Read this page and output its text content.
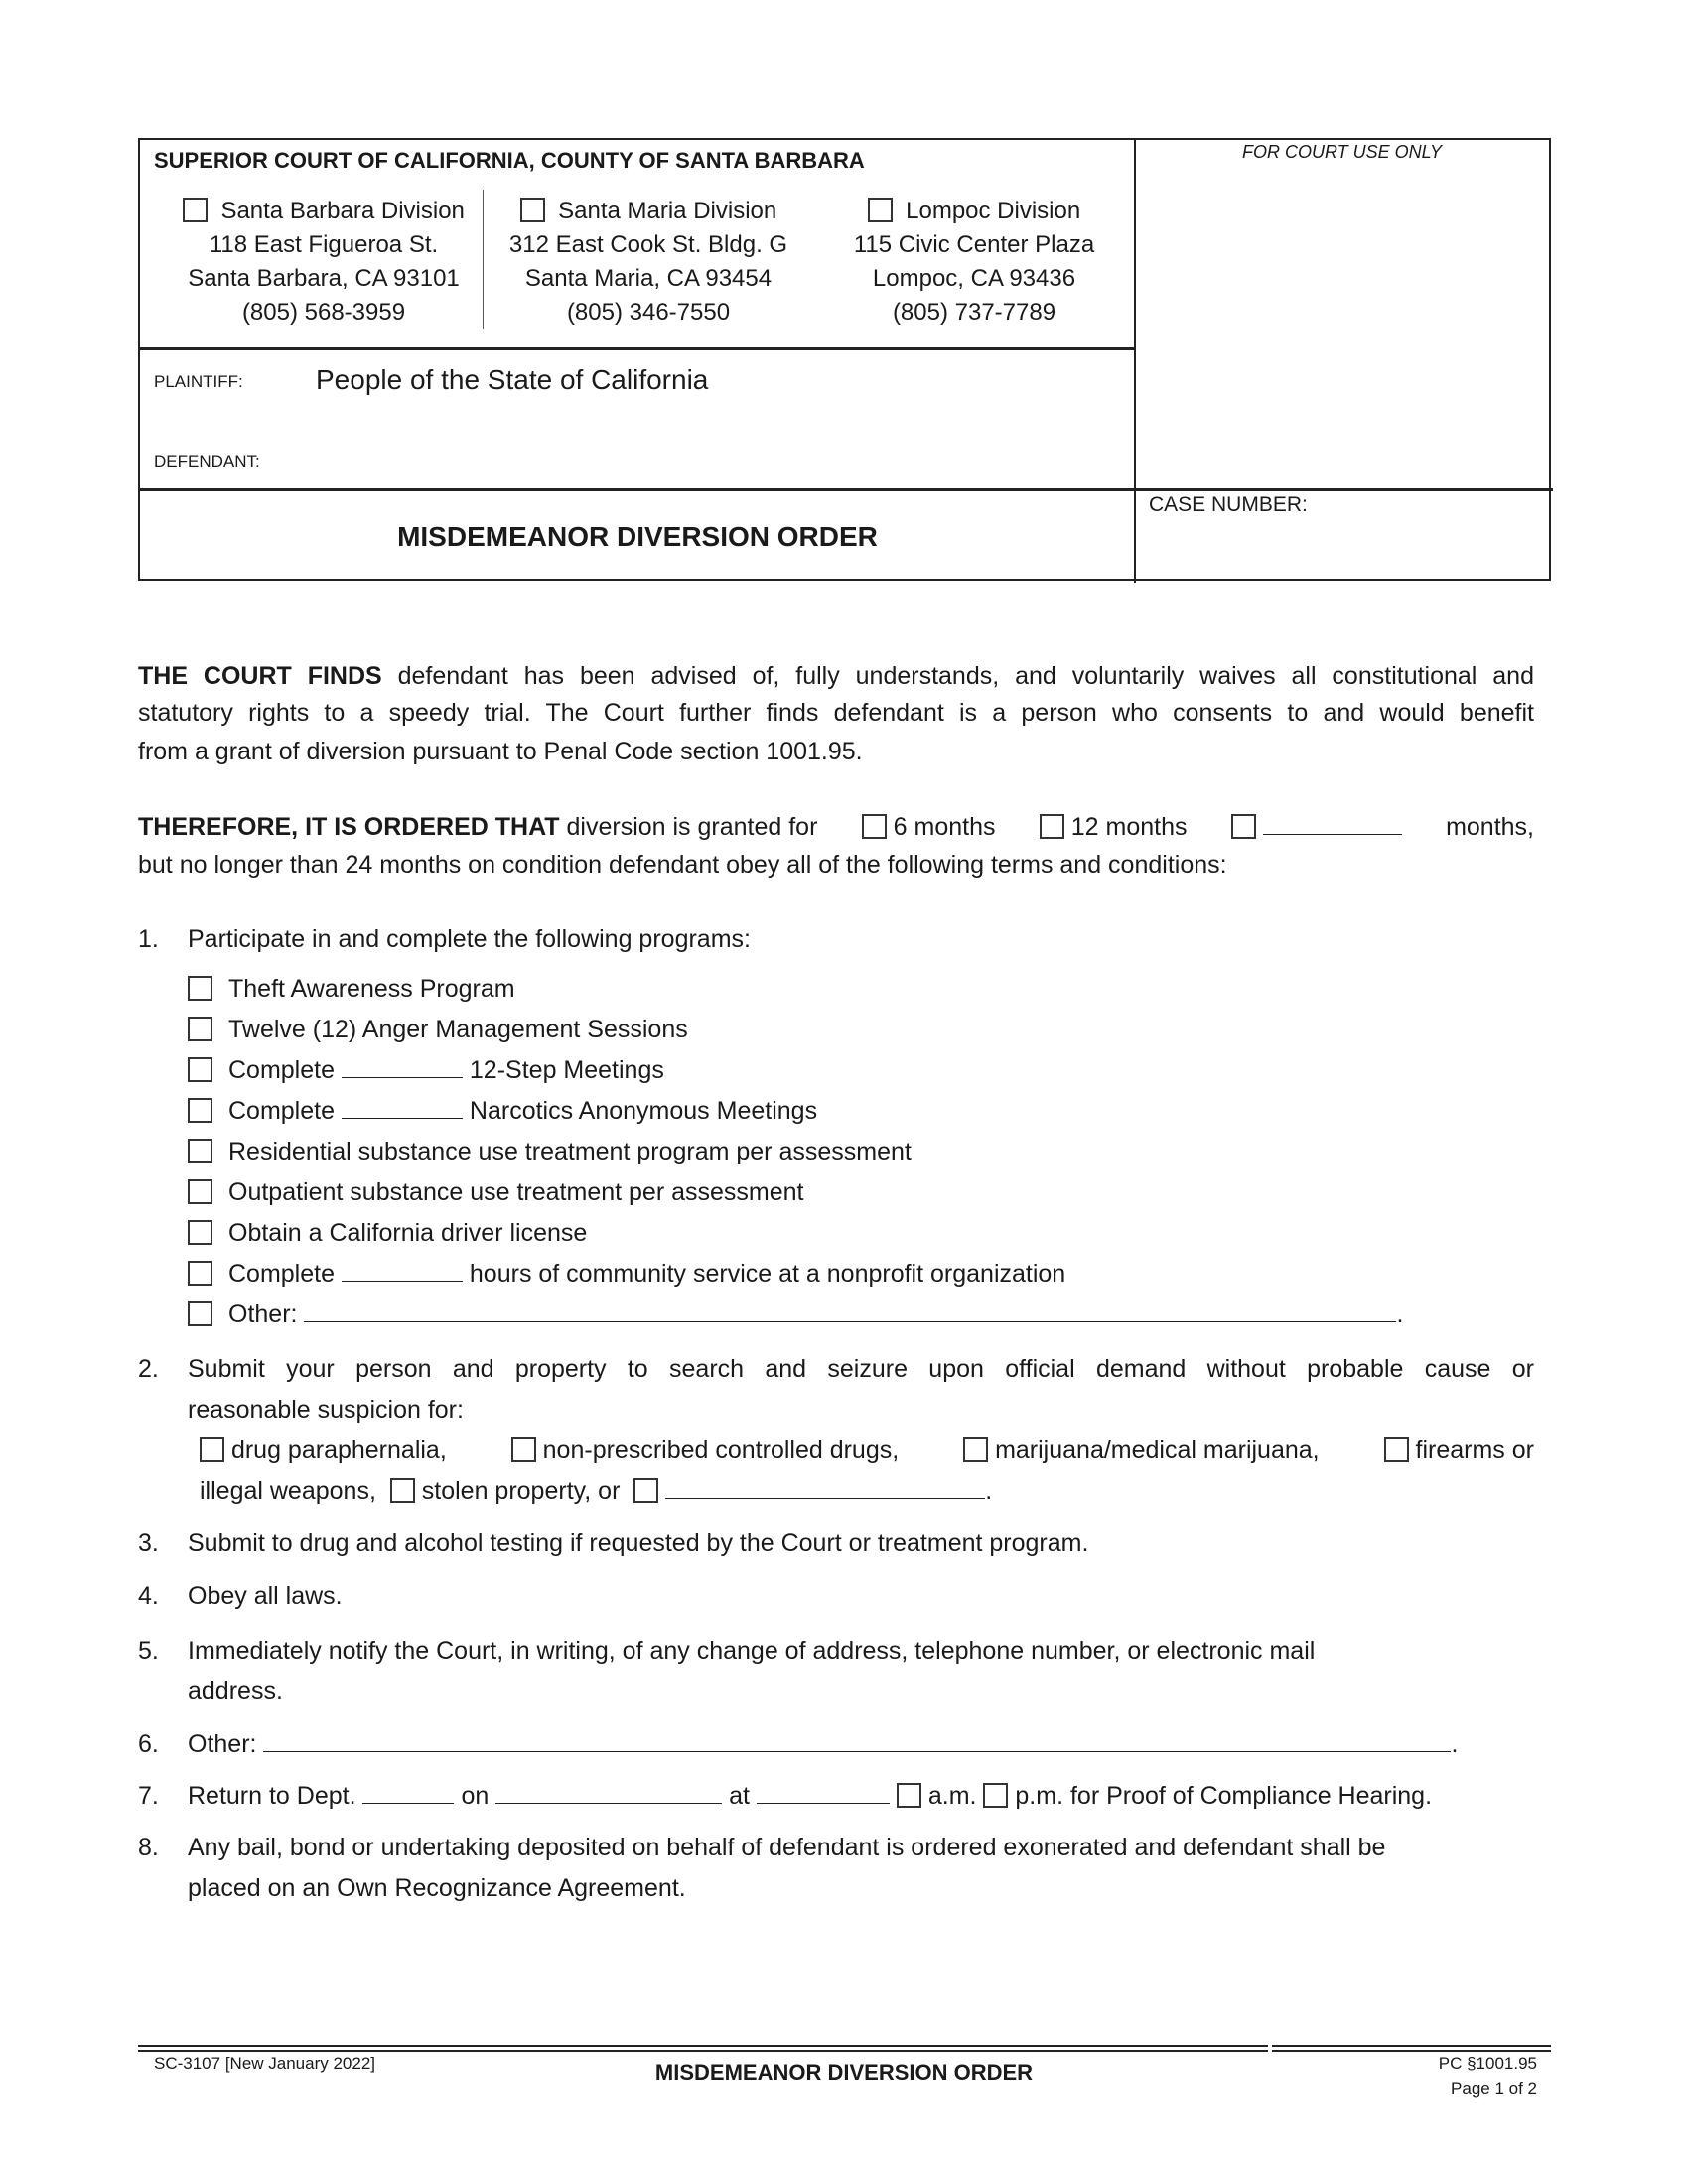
SUPERIOR COURT OF CALIFORNIA, COUNTY OF SANTA BARBARA	FOR COURT USE ONLY
Santa Barbara Division
118 East Figueroa St.
Santa Barbara, CA 93101
(805) 568-3959
Santa Maria Division
312 East Cook St. Bldg. G
Santa Maria, CA 93454
(805) 346-7550
Lompoc Division
115 Civic Center Plaza
Lompoc, CA 93436
(805) 737-7789
PLAINTIFF:	People of the State of California
DEFENDANT:
MISDEMEANOR DIVERSION ORDER
CASE NUMBER:
THE COURT FINDS defendant has been advised of, fully understands, and voluntarily waives all constitutional and
statutory rights to a speedy trial. The Court further finds defendant is a person who consents to and would benefit
from a grant of diversion pursuant to Penal Code section 1001.95.
THEREFORE, IT IS ORDERED THAT diversion is granted for	6 months	12 months
	months,
but no longer than 24 months on condition defendant obey all of the following terms and conditions:
1. Participate in and complete the following programs:
Theft Awareness Program
Twelve (12) Anger Management Sessions
Complete	12-Step Meetings
Complete	Narcotics Anonymous Meetings
Residential substance use treatment program per assessment
Outpatient substance use treatment per assessment
Obtain a California driver license
Complete	hours of community service at a nonprofit organization
Other:	.
2. Submit your person and property to search and seizure upon official demand without probable cause or
reasonable suspicion for:
drug paraphernalia,	non-prescribed controlled drugs,	marijuana/medical marijuana,	firearms or
illegal weapons, stolen property, or	.
3. Submit to drug and alcohol testing if requested by the Court or treatment program.
4. Obey all laws.
5. Immediately notify the Court, in writing, of any change of address, telephone number, or electronic mail
address.
6. Other:	.
7. Return to Dept.	on	at	a.m. p.m. for Proof of Compliance Hearing.
8. Any bail, bond or undertaking deposited on behalf of defendant is ordered exonerated and defendant shall be
placed on an Own Recognizance Agreement.
SC-3107 [New January 2022]	MISDEMEANOR DIVERSION ORDER	PC §1001.95
Page 1 of 2
